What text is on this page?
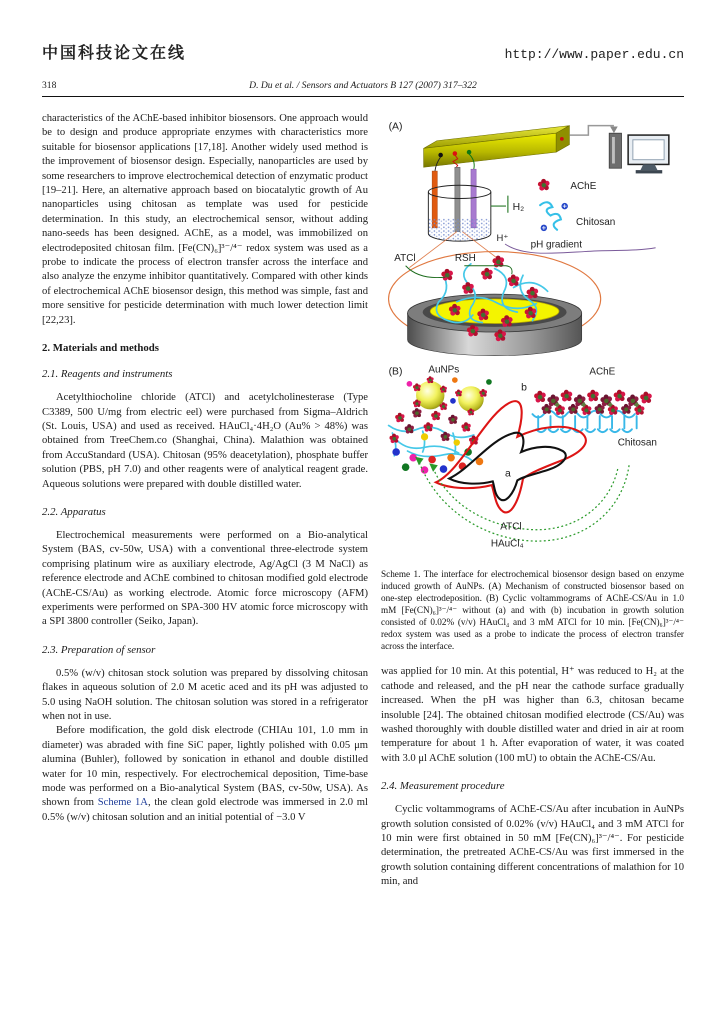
中国科技论文在线	http://www.paper.edu.cn
318	D. Du et al. / Sensors and Actuators B 127 (2007) 317–322

characteristics of the AChE-based inhibitor biosensors. One approach would be to design and produce appropriate enzymes with characteristics more suitable for biosensor applications [17,18]. Another widely used method is the improvement of biosensor design. Especially, nanoparticles are used by some researchers to improve electrochemical detection of enzymatic product [19–21]. Here, an alternative approach based on biocatalytic growth of Au nanoparticles using chitosan as template was used for pesticide determination. In this study, an electrochemical sensor, without adding nano-seeds has been designed. AChE, as a model, was immobilized on electrodeposited chitosan film. [Fe(CN)₆]³⁻/⁴⁻ redox system was used as a probe to indicate the process of electron transfer across the interface and also analyze the enzyme inhibitor quantitatively. Compared with other kinds of electrochemical AChE biosensor design, this method was simple, fast and more sensitive for pesticide determination with much lower detection limit [22,23].

2. Materials and methods
2.1. Reagents and instruments

Acetylthiocholine chloride (ATCl) and acetylcholinesterase (Type C3389, 500 U/mg from electric eel) were purchased from Sigma–Aldrich (St. Louis, USA) and used as received. HAuCl₄·4H₂O (Au% > 48%) was obtained from TreeChem.co (Shanghai, China). Malathion was obtained from AccuStandard (USA). Chitosan (95% deacetylation), phosphate buffer solution (PBS, pH 7.0) and other reagents were of analytical reagent grade. Aqueous solutions were prepared with double distilled water.

2.2. Apparatus

Electrochemical measurements were performed on a Bio-analytical System (BAS, cv-50w, USA) with a conventional three-electrode system comprising platinum wire as auxiliary electrode, Ag/AgCl (3 M NaCl) as reference electrode and AChE combined to chitosan modified gold electrode (AChE-CS/Au) as working electrode. Atomic force microscopy (AFM) experiments were performed on SPA-300 HV atomic force microscopy with a SPI 3800 controller (Seiko, Japan).

2.3. Preparation of sensor

0.5% (w/v) chitosan stock solution was prepared by dissolving chitosan flakes in aqueous solution of 2.0 M acetic aced and its pH was adjusted to 5.0 using NaOH solution. The chitosan solution was stored in a refrigerator when not in use.

Before modification, the gold disk electrode (CHIAu 101, 1.0 mm in diameter) was abraded with fine SiC paper, lightly polished with 0.05 μm alumina (Buhler), followed by sonication in ethanol and double distilled water for 10 min, respectively. For electrochemical deposition, Time-base mode was performed on a Bio-analytical System (BAS, cv-50w, USA). As shown from Scheme 1A, the clean gold electrode was immersed in 2.0 ml 0.5% (w/v) chitosan solution and an initial potential of −3.0 V

(A)
H₂
H⁺
pH gradient
AChE
Chitosan
ATCl	RSH
(B) AuNPs	AChE
Chitosan
b
a
ATCl
HAuCl₄
Scheme 1. The interface for electrochemical biosensor design based on enzyme induced growth of AuNPs. (A) Mechanism of constructed biosensor based on one-step electrodeposition. (B) Cyclic voltammograms of AChE-CS/Au in 1.0 mM [Fe(CN)₆]³⁻/⁴⁻ without (a) and with (b) incubation in growth solution consisted of 0.02% (v/v) HAuCl₄ and 3 mM ATCl for 10 min. [Fe(CN)₆]³⁻/⁴⁻ redox system was used as a probe to indicate the process of electron transfer across the interface.

was applied for 10 min. At this potential, H⁺ was reduced to H₂ at the cathode and released, and the pH near the cathode surface gradually increased. When the pH was higher than 6.3, chitosan became insoluble [24]. The obtained chitosan modified electrode (CS/Au) was washed thoroughly with double distilled water and dried in air at room temperature for about 1 h. After evaporation of water, it was coated with 3.0 μl AChE solution (100 mU) to obtain the AChE-CS/Au.

2.4. Measurement procedure

Cyclic voltammograms of AChE-CS/Au after incubation in AuNPs growth solution consisted of 0.02% (v/v) HAuCl₄ and 3 mM ATCl for 10 min were first obtained in 50 mM [Fe(CN)₆]³⁻/⁴⁻. For pesticide determination, the pretreated AChE-CS/Au was first immersed in the growth solution containing different concentrations of malathion for 10 min, and
